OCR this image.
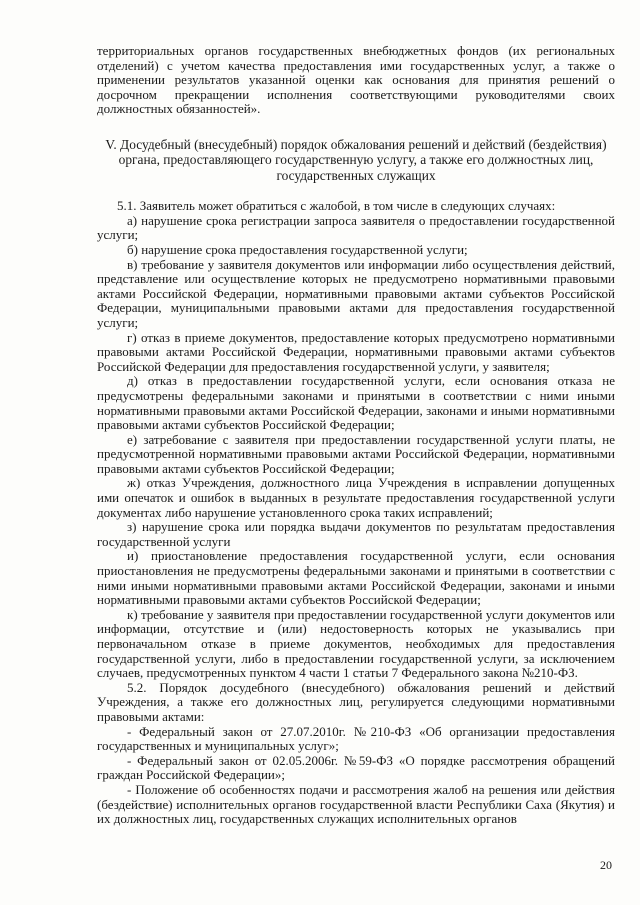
территориальных органов государственных внебюджетных фондов (их региональных отделений) с учетом качества предоставления ими государственных услуг, а также о применении результатов указанной оценки как основания для принятия решений о досрочном прекращении исполнения соответствующими руководителями своих должностных обязанностей».

V. Досудебный (внесудебный) порядок обжалования решений и действий (бездействия) органа, предоставляющего государственную услугу, а также его должностных лиц, государственных служащих

5.1. Заявитель может обратиться с жалобой, в том числе в следующих случаях:

а) нарушение срока регистрации запроса заявителя о предоставлении государственной услуги;

б) нарушение срока предоставления государственной услуги;

в) требование у заявителя документов или информации либо осуществления действий, представление или осуществление которых не предусмотрено нормативными правовыми актами Российской Федерации, нормативными правовыми актами субъектов Российской Федерации, муниципальными правовыми актами для предоставления государственной услуги;

г) отказ в приеме документов, предоставление которых предусмотрено нормативными правовыми актами Российской Федерации, нормативными правовыми актами субъектов Российской Федерации для предоставления государственной услуги, у заявителя;

д) отказ в предоставлении государственной услуги, если основания отказа не предусмотрены федеральными законами и принятыми в соответствии с ними иными нормативными правовыми актами Российской Федерации, законами и иными нормативными правовыми актами субъектов Российской Федерации;

е) затребование с заявителя при предоставлении государственной услуги платы, не предусмотренной нормативными правовыми актами Российской Федерации, нормативными правовыми актами субъектов Российской Федерации;

ж) отказ Учреждения, должностного лица Учреждения в исправлении допущенных ими опечаток и ошибок в выданных в результате предоставления государственной услуги документах либо нарушение установленного срока таких исправлений;

з) нарушение срока или порядка выдачи документов по результатам предоставления государственной услуги

и) приостановление предоставления государственной услуги, если основания приостановления не предусмотрены федеральными законами и принятыми в соответствии с ними иными нормативными правовыми актами Российской Федерации, законами и иными нормативными правовыми актами субъектов Российской Федерации;

к) требование у заявителя при предоставлении государственной услуги документов или информации, отсутствие и (или) недостоверность которых не указывались при первоначальном отказе в приеме документов, необходимых для предоставления государственной услуги, либо в предоставлении государственной услуги, за исключением случаев, предусмотренных пунктом 4 части 1 статьи 7 Федерального закона №210-ФЗ.

5.2. Порядок досудебного (внесудебного) обжалования решений и действий Учреждения, а также его должностных лиц, регулируется следующими нормативными правовыми актами:

- Федеральный закон от 27.07.2010г. №210-ФЗ «Об организации предоставления государственных и муниципальных услуг»;

- Федеральный закон от 02.05.2006г. №59-ФЗ «О порядке рассмотрения обращений граждан Российской Федерации»;

- Положение об особенностях подачи и рассмотрения жалоб на решения или действия (бездействие) исполнительных органов государственной власти Республики Саха (Якутия) и их должностных лиц, государственных служащих исполнительных органов

20
